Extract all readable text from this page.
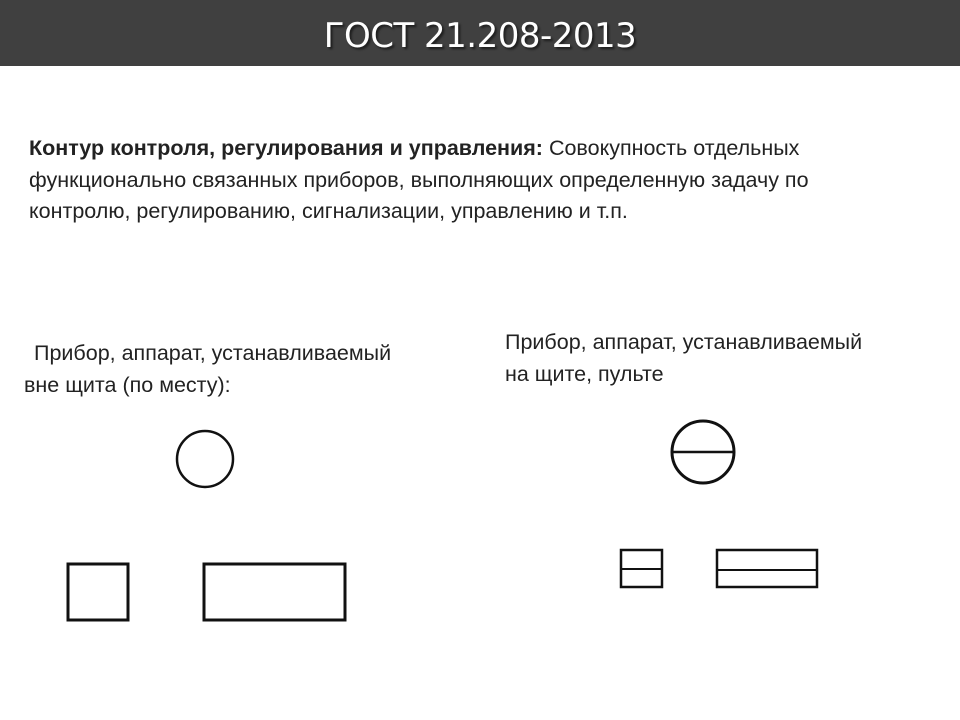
ГОСТ 21.208-2013
Контур контроля, регулирования и управления: Совокупность отдельных функционально связанных приборов, выполняющих определенную задачу по контролю, регулированию, сигнализации, управлению и т.п.
Прибор, аппарат, устанавливаемый
вне щита (по месту):
Прибор, аппарат, устанавливаемый
на щите, пульте
